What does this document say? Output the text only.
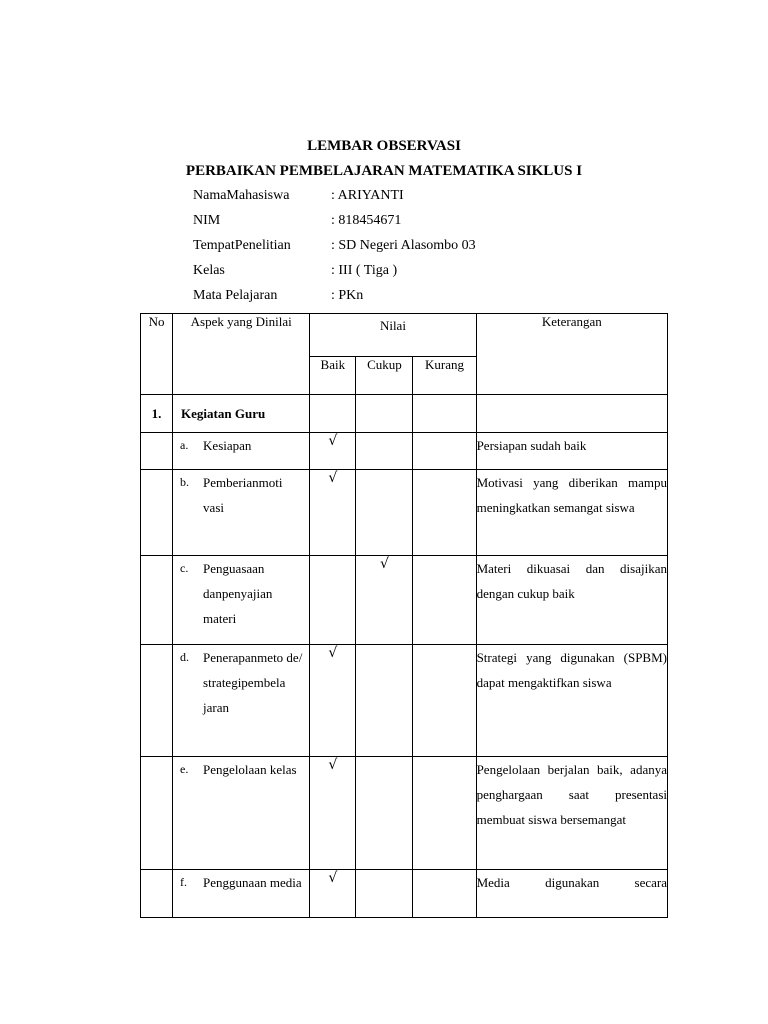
LEMBAR OBSERVASI
PERBAIKAN PEMBELAJARAN MATEMATIKA SIKLUS I
NamaMahasiswa	: ARIYANTI
NIM	: 818454671
TempatPenelitian	: SD Negeri Alasombo 03
Kelas	: III ( Tiga )
Mata Pelajaran	: PKn
No	Aspek yang Dinilai	Nilai			Keterangan
		Baik	Cukup	Kurang	
1.	Kegiatan Guru				

	a. Kesiapan	√			Persiapan sudah baik

	b. Pemberianmoti vasi	√			Motivasi yang diberikan mampu meningkatkan semangat siswa

	c. Penguasaan danpenyajian materi		√		Materi dikuasai dan disajikan dengan cukup baik

	d. Penerapanmeto de/ strategipembela jaran	√			Strategi yang digunakan (SPBM) dapat mengaktifkan siswa

	e. Pengelolaan kelas	√			Pengelolaan berjalan baik, adanya penghargaan saat presentasi membuat siswa bersemangat

	f. Penggunaan media	√			Media digunakan secara
